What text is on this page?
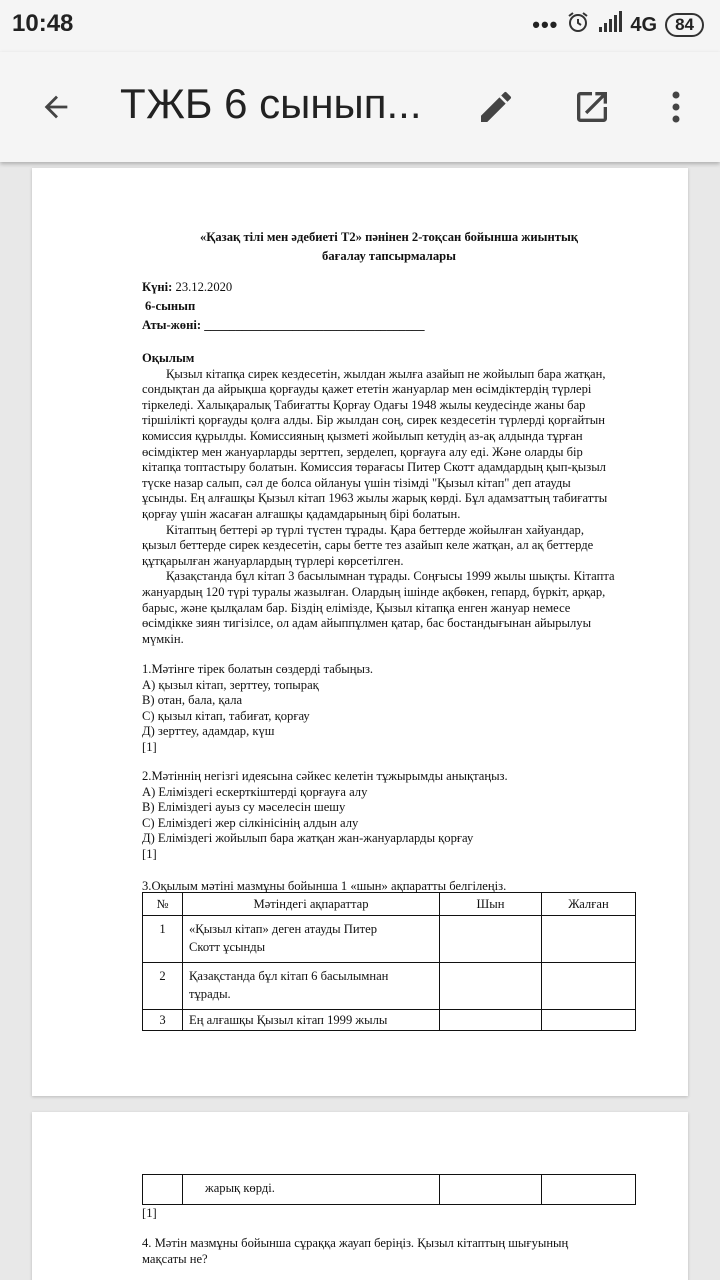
10:48	•••	4G	84
ТЖБ 6 сынып...
«Қазақ тілі мен әдебиеті Т2» пәнінен 2-тоқсан бойынша жиынтық
бағалау тапсырмалары
Күні: 23.12.2020
6-сынып
Аты-жөні: ___________________________________
Оқылым
Қызыл кітапқа сирек кездесетін, жылдан жылға азайып не жойылып бара жатқан,
сондықтан да айрықша қорғауды қажет ететін жануарлар мен өсімдіктердің түрлері
тіркеледі. Халықаралық Табиғатты Қорғау Одағы 1948 жылы кеудесінде жаны бар
тіршілікті қорғауды қолға алды. Бір жылдан соң, сирек кездесетін түрлерді қорғайтын
комиссия құрылды. Комиссияның қызметі жойылып кетудің аз-ақ алдында тұрған
өсімдіктер мен жануарларды зерттеп, зерделеп, қорғауға алу еді. Және оларды бір
кітапқа топтастыру болатын. Комиссия төрағасы Питер Скотт адамдардың қып-қызыл
түске назар салып, сәл де болса ойлануы үшін тізімді "Қызыл кітап" деп атауды
ұсынды. Ең алғашқы Қызыл кітап 1963 жылы жарық көрді. Бұл адамзаттың табиғатты
қорғау үшін жасаған алғашқы қадамдарының бірі болатын.
Кітаптың беттері әр түрлі түстен тұрады. Қара беттерде жойылған хайуандар,
қызыл беттерде сирек кездесетін, сары бетте тез азайып келе жатқан, ал ақ беттерде
құтқарылған жануарлардың түрлері көрсетілген.
Қазақстанда бұл кітап 3 басылымнан тұрады. Соңғысы 1999 жылы шықты. Кітапта
жануардың 120 түрі туралы жазылған. Олардың ішінде ақбөкен, гепард, бүркіт, арқар,
барыс, жəне қылқалам бар. Біздің елімізде, Қызыл кітапқа енген жануар немесе
өсімдікке зиян тигізілсе, ол адам айыппұлмен қатар, бас бостандығынан айырылуы
мүмкін.
1.Мәтінге тірек болатын сөздерді табыңыз.
А) қызыл кітап, зерттеу, топырақ
В) отан, бала, қала
С) қызыл кітап, табиғат, қорғау
Д) зерттеу, адамдар, күш
[1]
2.Мәтіннің негізгі идеясына сәйкес келетін тұжырымды анықтаңыз.
А) Еліміздегі ескерткіштерді қорғауға алу
В) Еліміздегі ауыз су мәселесін шешу
С) Еліміздегі жер сілкінісінің алдын алу
Д) Еліміздегі жойылып бара жатқан жан-жануарларды қорғау
[1]
3.Оқылым мәтіні мазмұны бойынша 1 «шын» ақпаратты белгілеңіз.
№	Мәтіндегі ақпараттар	Шын	Жалған
1	«Қызыл кітап» деген атауды Питер
Скотт ұсынды		

2	Қазақстанда бұл кітап 6 басылымнан
тұрады.		

3	Ең алғашқы Қызыл кітап 1999 жылы		
	жарық көрді.		
[1]
4. Мәтін мазмұны бойынша сұраққа жауап беріңіз. Қызыл кітаптың шығуының
мақсаты не?
